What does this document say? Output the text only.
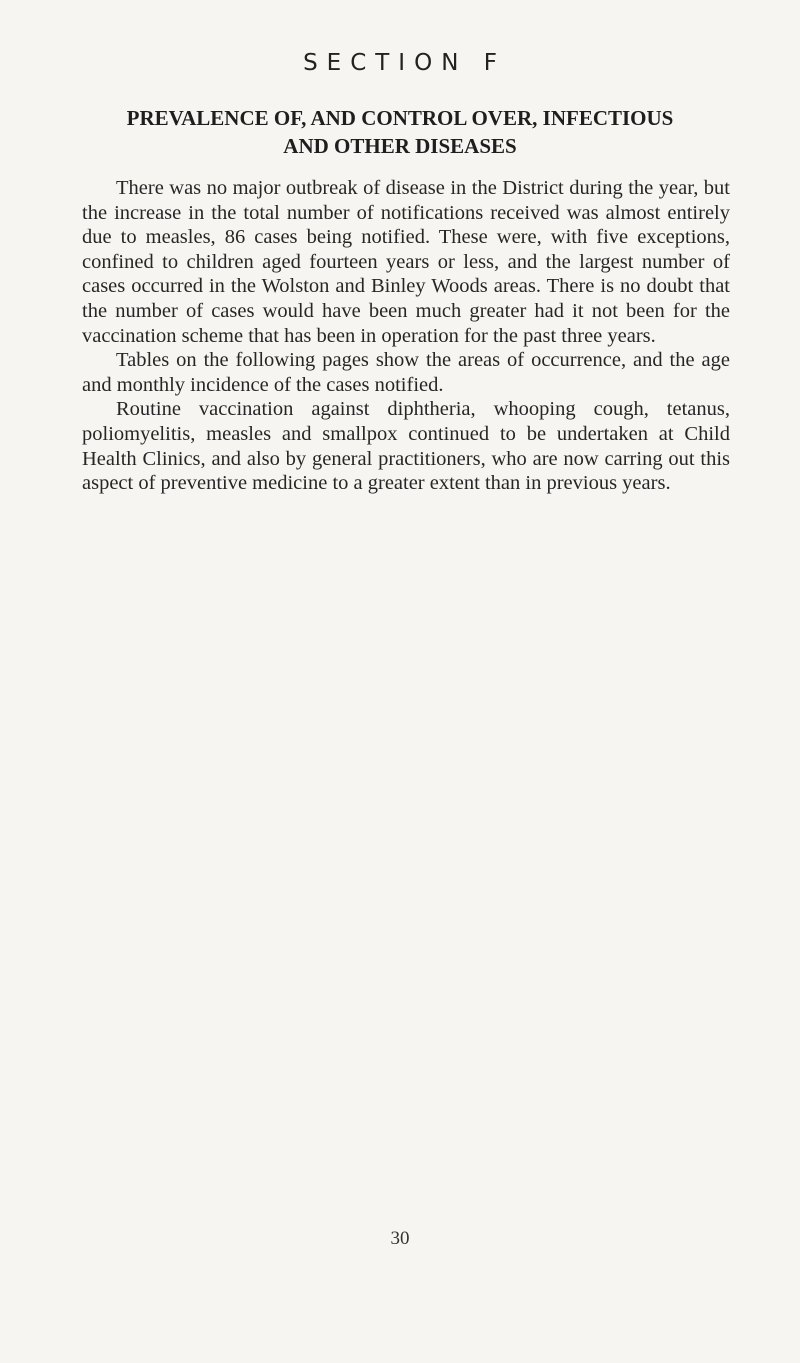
SECTION F
PREVALENCE OF, AND CONTROL OVER, INFECTIOUS
AND OTHER DISEASES

There was no major outbreak of disease in the District during the year, but the increase in the total number of notifications received was almost entirely due to measles, 86 cases being notified. These were, with five exceptions, confined to children aged fourteen years or less, and the largest number of cases occurred in the Wolston and Binley Woods areas. There is no doubt that the number of cases would have been much greater had it not been for the vaccination scheme that has been in operation for the past three years.

Tables on the following pages show the areas of occurrence, and the age and monthly incidence of the cases notified.

Routine vaccination against diphtheria, whooping cough, tetanus, poliomyelitis, measles and smallpox continued to be undertaken at Child Health Clinics, and also by general practitioners, who are now carring out this aspect of preventive medicine to a greater extent than in previous years.

30
